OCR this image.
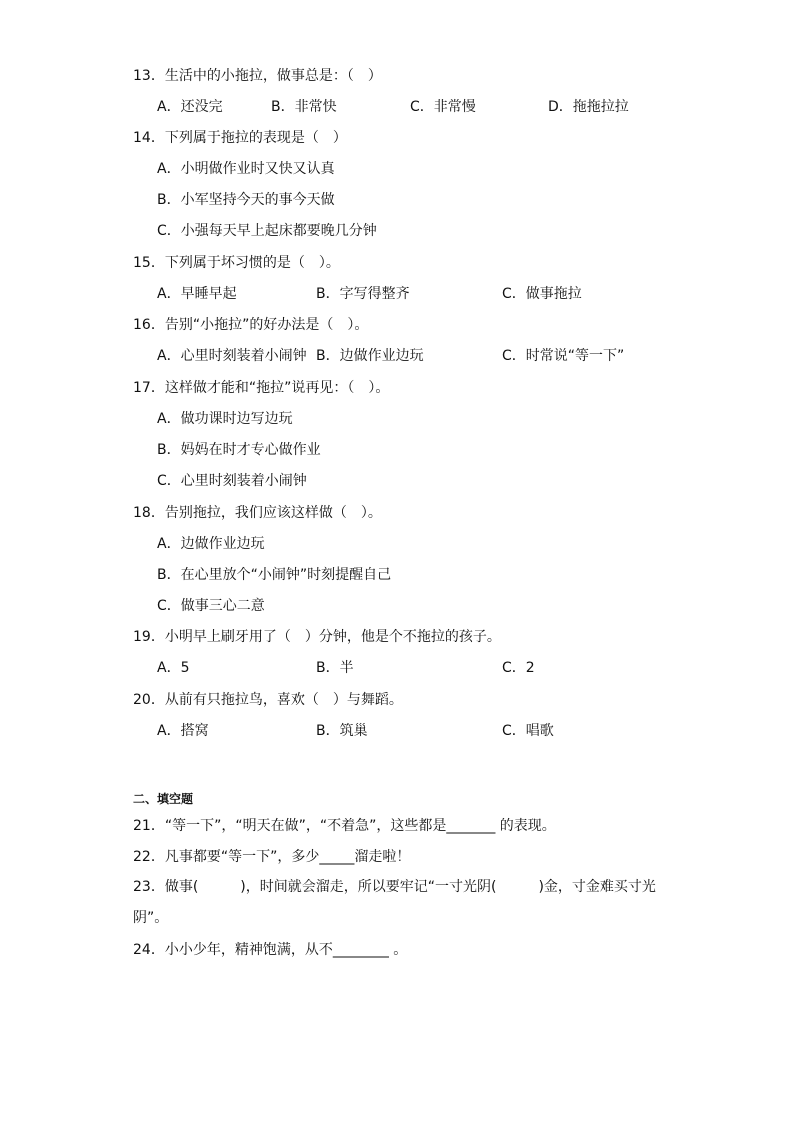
13．生活中的小拖拉，做事总是：（　）
A．还没完	B．非常快	C．非常慢	D．拖拖拉拉
14．下列属于拖拉的表现是（　）
A．小明做作业时又快又认真
B．小军坚持今天的事今天做
C．小强每天早上起床都要晚几分钟
15．下列属于坏习惯的是（　）。
A．早睡早起	B．字写得整齐	C．做事拖拉
16．告别“小拖拉”的好办法是（　）。
A．心里时刻装着小闹钟 B．边做作业边玩	C．时常说“等一下”
17．这样做才能和“拖拉”说再见：（　）。
A．做功课时边写边玩
B．妈妈在时才专心做作业
C．心里时刻装着小闹钟
18．告别拖拉，我们应该这样做（　）。
A．边做作业边玩
B．在心里放个“小闹钟”时刻提醒自己
C．做事三心二意
19．小明早上刷牙用了（　）分钟，他是个不拖拉的孩子。
A．5	B．半	C．2
20．从前有只拖拉鸟，喜欢（　）与舞蹈。
A．搭窝	B．筑巢	C．唱歌
二、填空题
21．“等一下”，“明天在做”，“不着急”，这些都是_______ 的表现。
22．凡事都要“等一下”，多少_____溜走啦！
23．做事(　　　)，时间就会溜走，所以要牢记“一寸光阴(　　　)金，寸金难买寸光阴”。
24．小小少年，精神饱满，从不________ 。
